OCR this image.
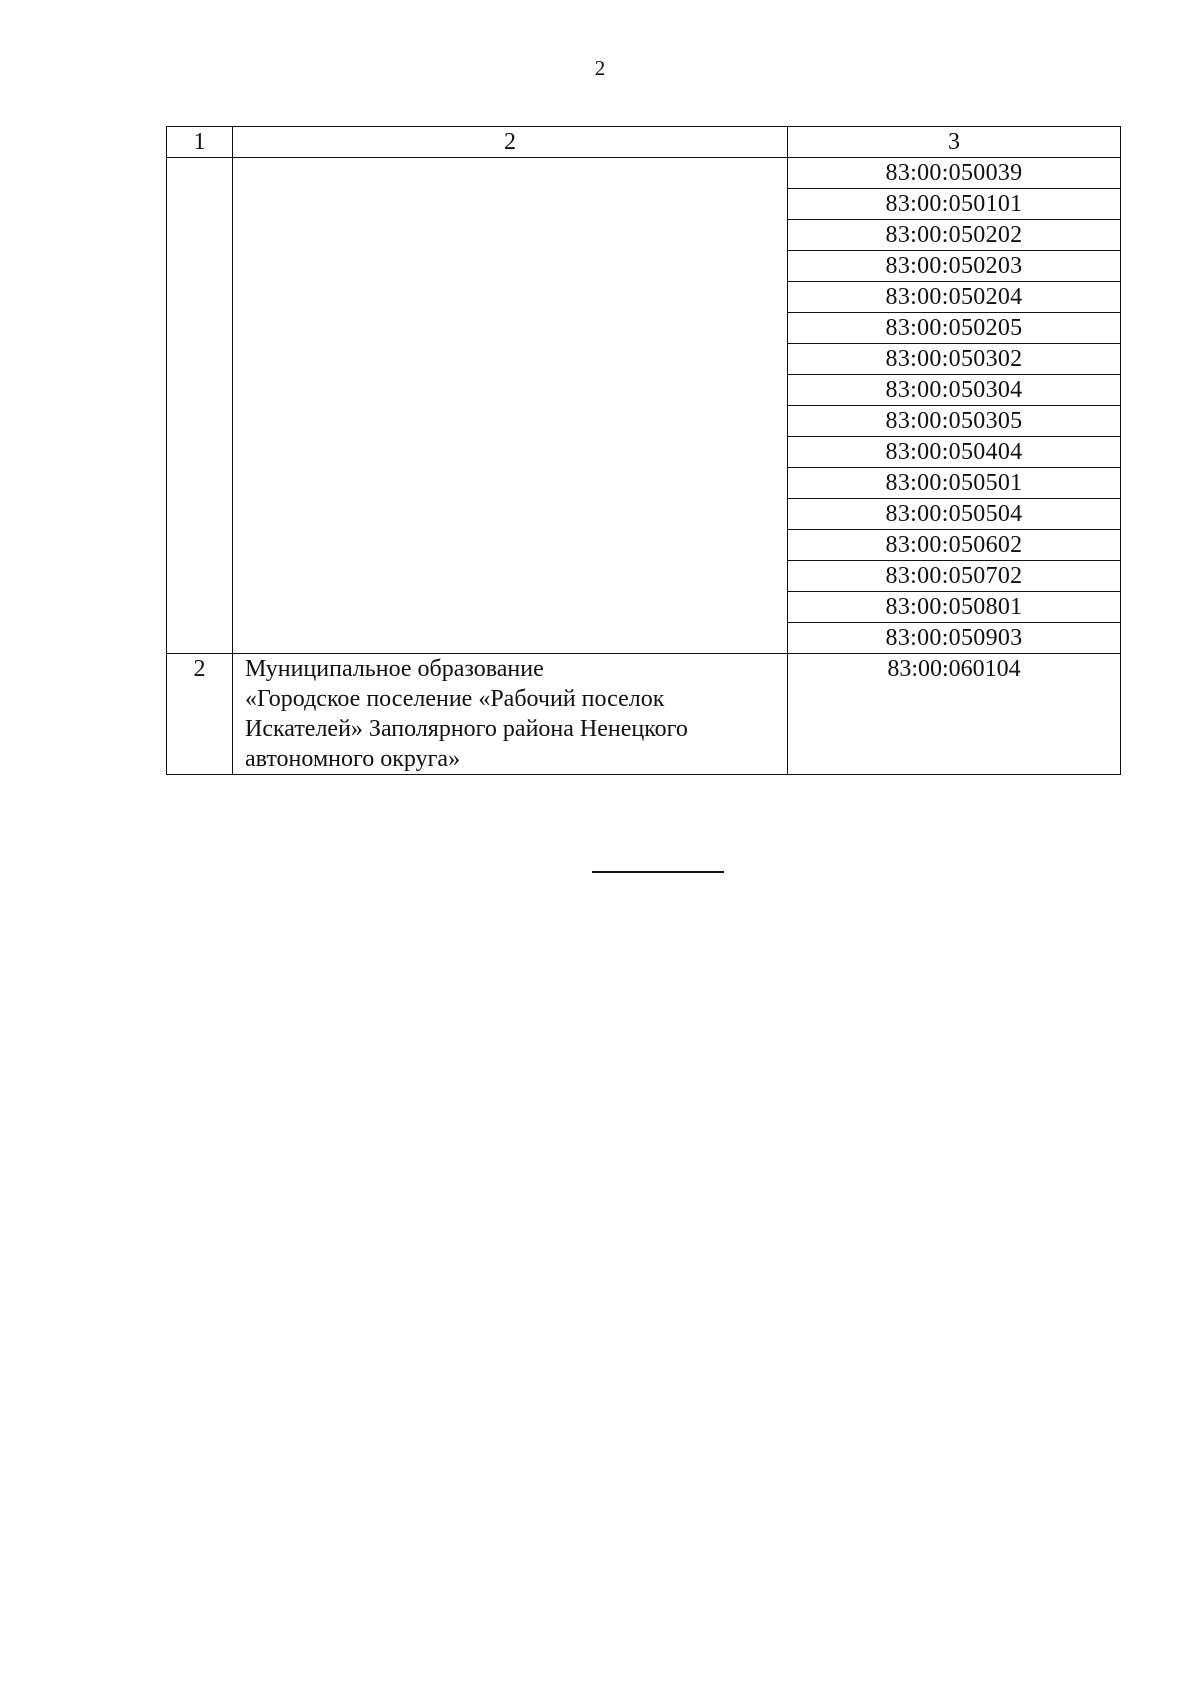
2
1	2	3
		83:00:050039
		83:00:050101
		83:00:050202
		83:00:050203
		83:00:050204
		83:00:050205
		83:00:050302
		83:00:050304
		83:00:050305
		83:00:050404
		83:00:050501
		83:00:050504
		83:00:050602
		83:00:050702
		83:00:050801
		83:00:050903
2	Муниципальное образование
«Городское поселение «Рабочий поселок
Искателей» Заполярного района Ненецкого
автономного округа»	83:00:060104
